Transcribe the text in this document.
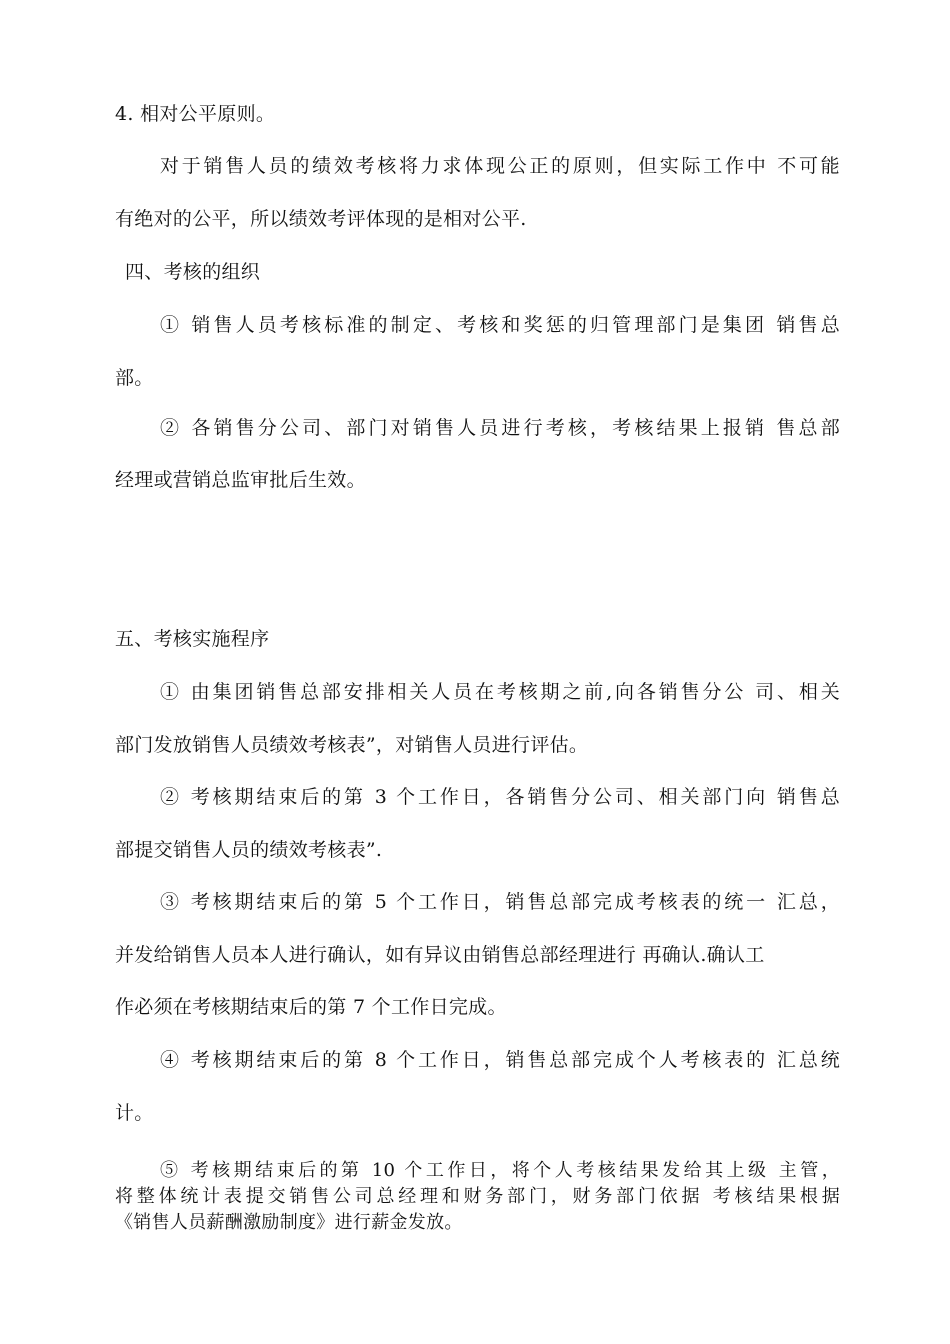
4. 相对公平原则。
对于销售人员的绩效考核将力求体现公正的原则，但实际工作中 不可能
有绝对的公平，所以绩效考评体现的是相对公平.
四、考核的组织
① 销售人员考核标准的制定、考核和奖惩的归管理部门是集团 销售总
部。
② 各销售分公司、部门对销售人员进行考核，考核结果上报销 售总部
经理或营销总监审批后生效。
五、考核实施程序
① 由集团销售总部安排相关人员在考核期之前,向各销售分公 司、相关
部门发放销售人员绩效考核表”，对销售人员进行评估。
② 考核期结束后的第 3 个工作日，各销售分公司、相关部门向 销售总
部提交销售人员的绩效考核表”.
③ 考核期结束后的第 5 个工作日，销售总部完成考核表的统一 汇总，
并发给销售人员本人进行确认，如有异议由销售总部经理进行 再确认.确认工
作必须在考核期结束后的第 7 个工作日完成。
④ 考核期结束后的第 8 个工作日，销售总部完成个人考核表的 汇总统
计。
⑤ 考核期结束后的第 10 个工作日，将个人考核结果发给其上级 主管，
将整体统计表提交销售公司总经理和财务部门，财务部门依据 考核结果根据
《销售人员薪酬激励制度》进行薪金发放。
